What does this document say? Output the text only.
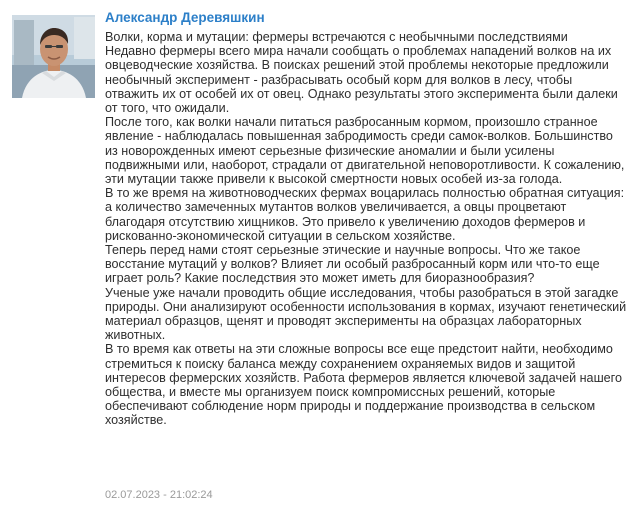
Александр Деревяшкин
Волки, корма и мутации: фермеры встречаются с необычными последствиями
Недавно фермеры всего мира начали сообщать о проблемах нападений волков на их овцеводческие хозяйства. В поисках решений этой проблемы некоторые предложили необычный эксперимент - разбрасывать особый корм для волков в лесу, чтобы отважить их от особей их от овец. Однако результаты этого эксперимента были далеки от того, что ожидали.
После того, как волки начали питаться разбросанным кормом, произошло странное явление - наблюдалась повышенная забродимость среди самок-волков. Большинство из новорожденных имеют серьезные физические аномалии и были усилены подвижными или, наоборот, страдали от двигательной неповоротливости. К сожалению, эти мутации также привели к высокой смертности новых особей из-за голода.
В то же время на животноводческих фермах воцарилась полностью обратная ситуация:
а количество замеченных мутантов волков увеличивается, а овцы процветают благодаря отсутствию хищников. Это привело к увеличению доходов фермеров и рискованно-экономической ситуации в сельском хозяйстве.
Теперь перед нами стоят серьезные этические и научные вопросы. Что же такое восстание мутаций у волков? Влияет ли особый разбросанный корм или что-то еще играет роль? Какие последствия это может иметь для биоразнообразия?
Ученые уже начали проводить общие исследования, чтобы разобраться в этой загадке природы. Они анализируют особенности использования в кормах, изучают генетический материал образцов, щенят и проводят эксперименты на образцах лабораторных животных.
В то время как ответы на эти сложные вопросы все еще предстоит найти, необходимо стремиться к поиску баланса между сохранением охраняемых видов и защитой интересов фермерских хозяйств. Работа фермеров является ключевой задачей нашего общества, и вместе мы организуем поиск компромиссных решений, которые обеспечивают соблюдение норм природы и поддержание производства в сельском хозяйстве.
02.07.2023 - 21:02:24
